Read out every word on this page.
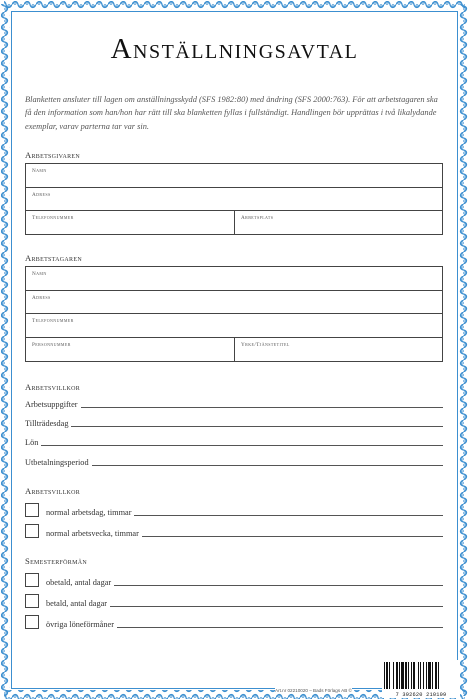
Anställningsavtal
Blanketten ansluter till lagen om anställningsskydd (SFS 1982:80) med ändring (SFS 2000:763). För att arbetstagaren ska få den information som han/hon har rätt till ska blanketten fyllas i fullständigt. Handlingen bör upprättas i två likalydande exemplar, varav parterna tar var sin.
Arbetsgivaren
Namn
Adress
Telefonnummer	Arbetsplats
Arbetstagaren
Namn
Adress
Telefonnummer
Personnummer	Yrke/Tjänstetitel
Arbetsvillkor
Arbetsuppgifter
Tillträdesdag
Lön
Utbetalningsperiod
Arbetsvillkor
normal arbetsdag, timmar
normal arbetsvecka, timmar
Semesterförmån
obetald, antal dagar
betald, antal dagar
övriga löneförmåner
Art.nr 02210020 – Bads Förlags AB ©
7 392620 210109
